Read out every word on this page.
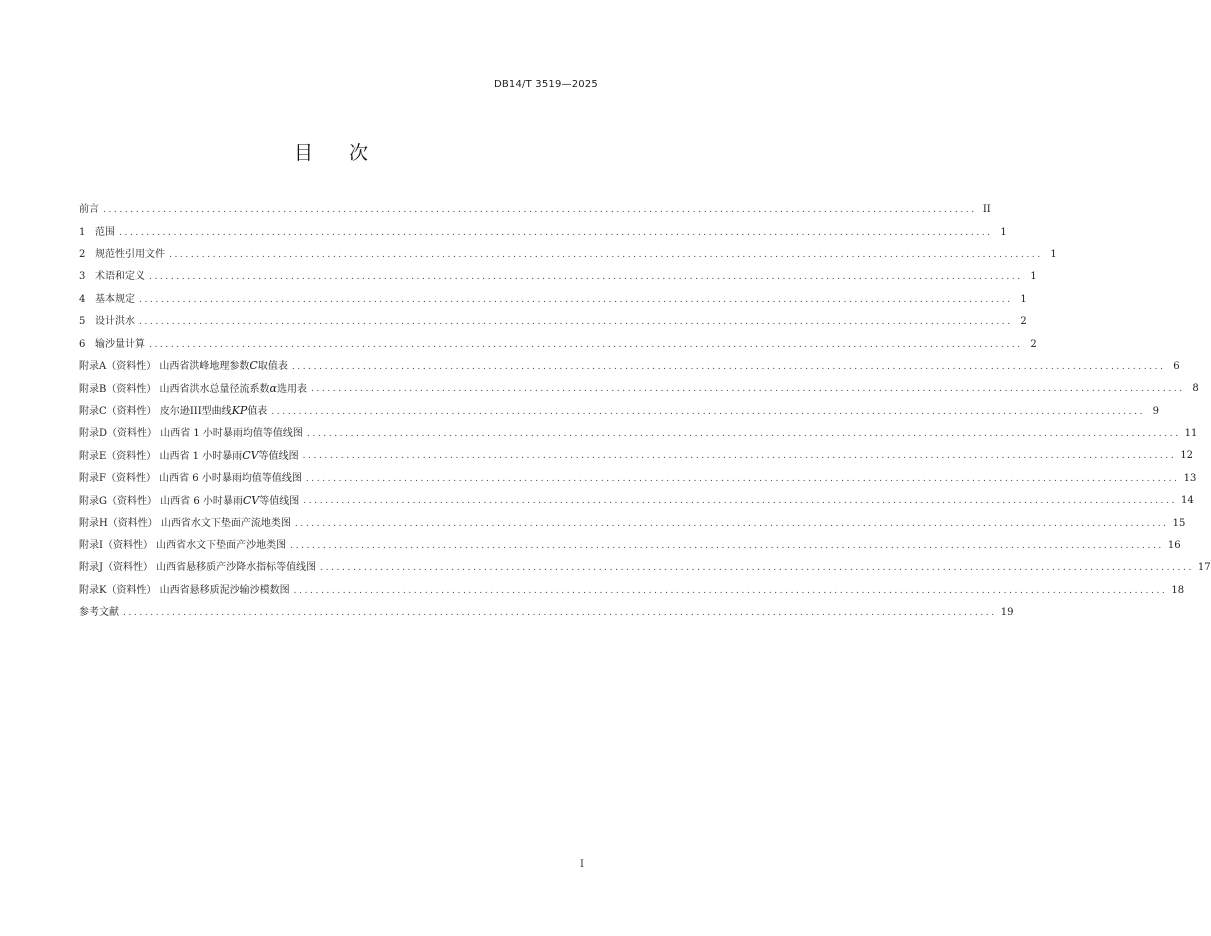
DB14/T 3519—2025
目次
前言 ................................................................................................................................................................ II
1 范围 ................................................................................................................................................................ 1
2 规范性引用文件 ................................................................................................................................................................ 1
3 术语和定义 ................................................................................................................................................................ 1
4 基本规定 ................................................................................................................................................................ 1
5 设计洪水 ................................................................................................................................................................ 2
6 输沙量计算 ................................................................................................................................................................ 2
附录A（资料性） 山西省洪峰地理参数C取值表 ................................................................................................................................................................ 6
附录B（资料性） 山西省洪水总量径流系数α选用表 ................................................................................................................................................................ 8
附录C（资料性） 皮尔逊III型曲线KP值表 ................................................................................................................................................................ 9
附录D（资料性） 山西省 1 小时暴雨均值等值线图 ................................................................................................................................................................ 11
附录E（资料性） 山西省 1 小时暴雨CV等值线图 ................................................................................................................................................................ 12
附录F（资料性） 山西省 6 小时暴雨均值等值线图 ................................................................................................................................................................ 13
附录G（资料性） 山西省 6 小时暴雨CV等值线图 ................................................................................................................................................................ 14
附录H（资料性） 山西省水文下垫面产流地类图 ................................................................................................................................................................ 15
附录I（资料性） 山西省水文下垫面产沙地类图 ................................................................................................................................................................ 16
附录J（资料性） 山西省悬移质产沙降水指标等值线图 ................................................................................................................................................................ 17
附录K（资料性） 山西省悬移质泥沙输沙模数图 ................................................................................................................................................................ 18
参考文献 ................................................................................................................................................................ 19
I
